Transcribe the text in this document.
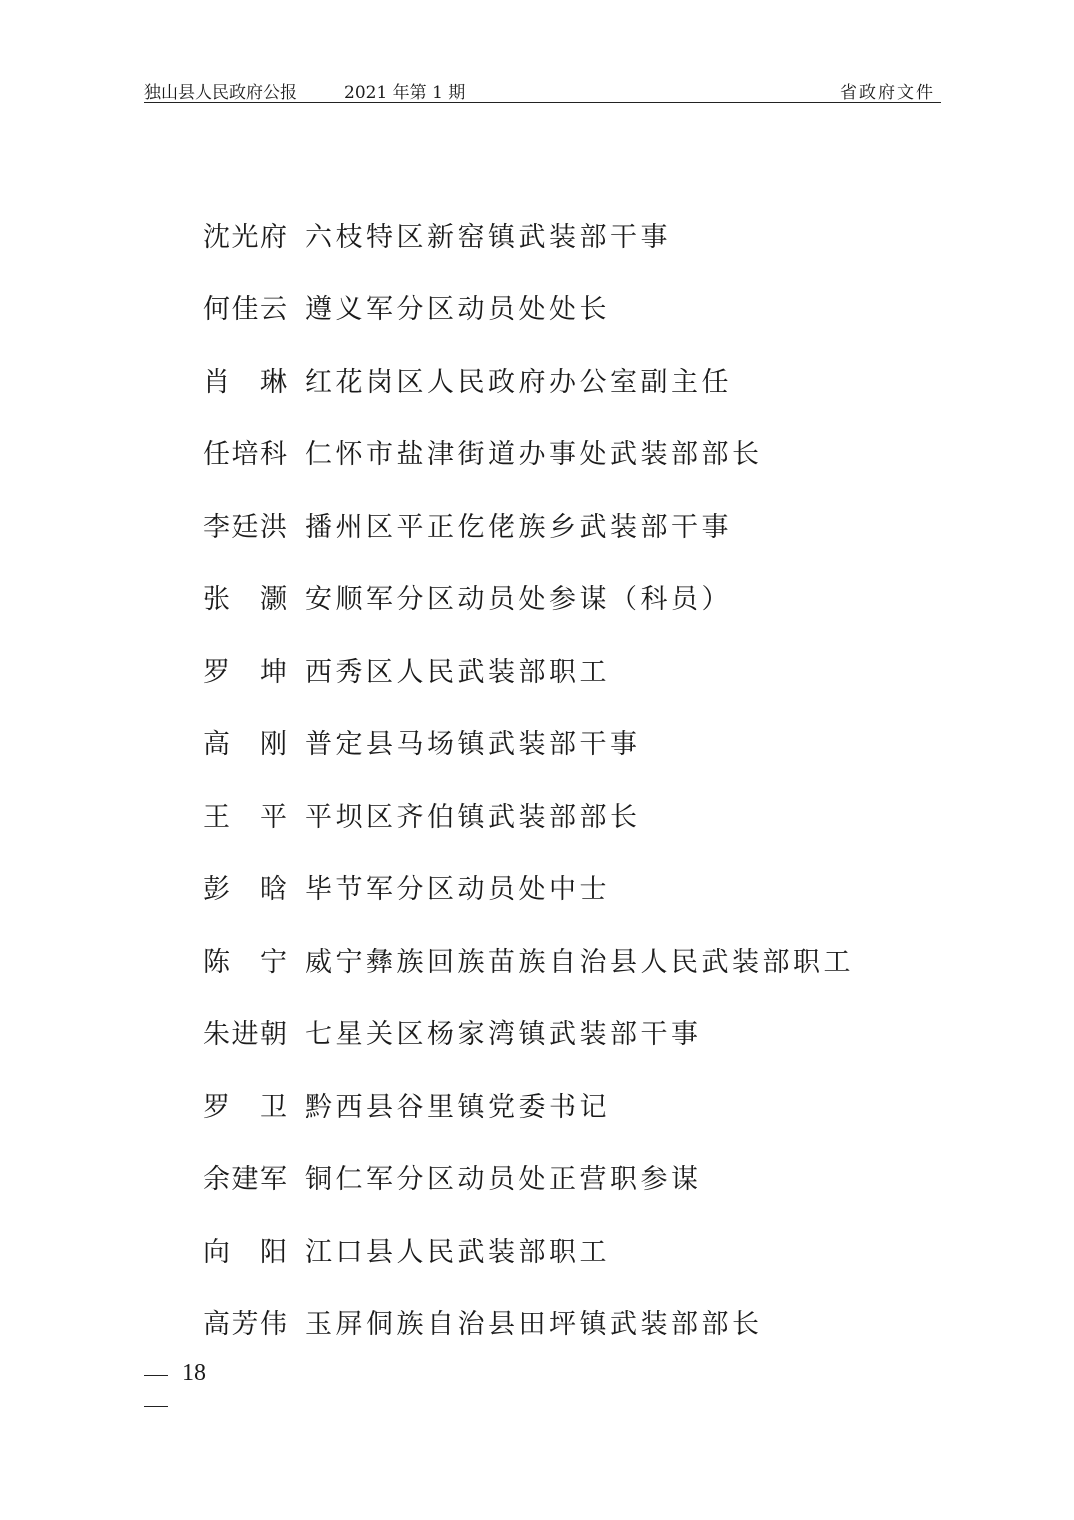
独山县人民政府公报	2021 年第 1 期	省政府文件
沈光府 六枝特区新窑镇武装部干事
何佳云 遵义军分区动员处处长
肖 琳 红花岗区人民政府办公室副主任
任培科 仁怀市盐津街道办事处武装部部长
李廷洪 播州区平正仡佬族乡武装部干事
张 灏 安顺军分区动员处参谋（科员）
罗 坤 西秀区人民武装部职工
高 刚 普定县马场镇武装部干事
王 平 平坝区齐伯镇武装部部长
彭 晗 毕节军分区动员处中士
陈 宁 威宁彝族回族苗族自治县人民武装部职工
朱进朝 七星关区杨家湾镇武装部干事
罗 卫 黔西县谷里镇党委书记
余建军 铜仁军分区动员处正营职参谋
向 阳 江口县人民武装部职工
高芳伟 玉屏侗族自治县田坪镇武装部部长
18
